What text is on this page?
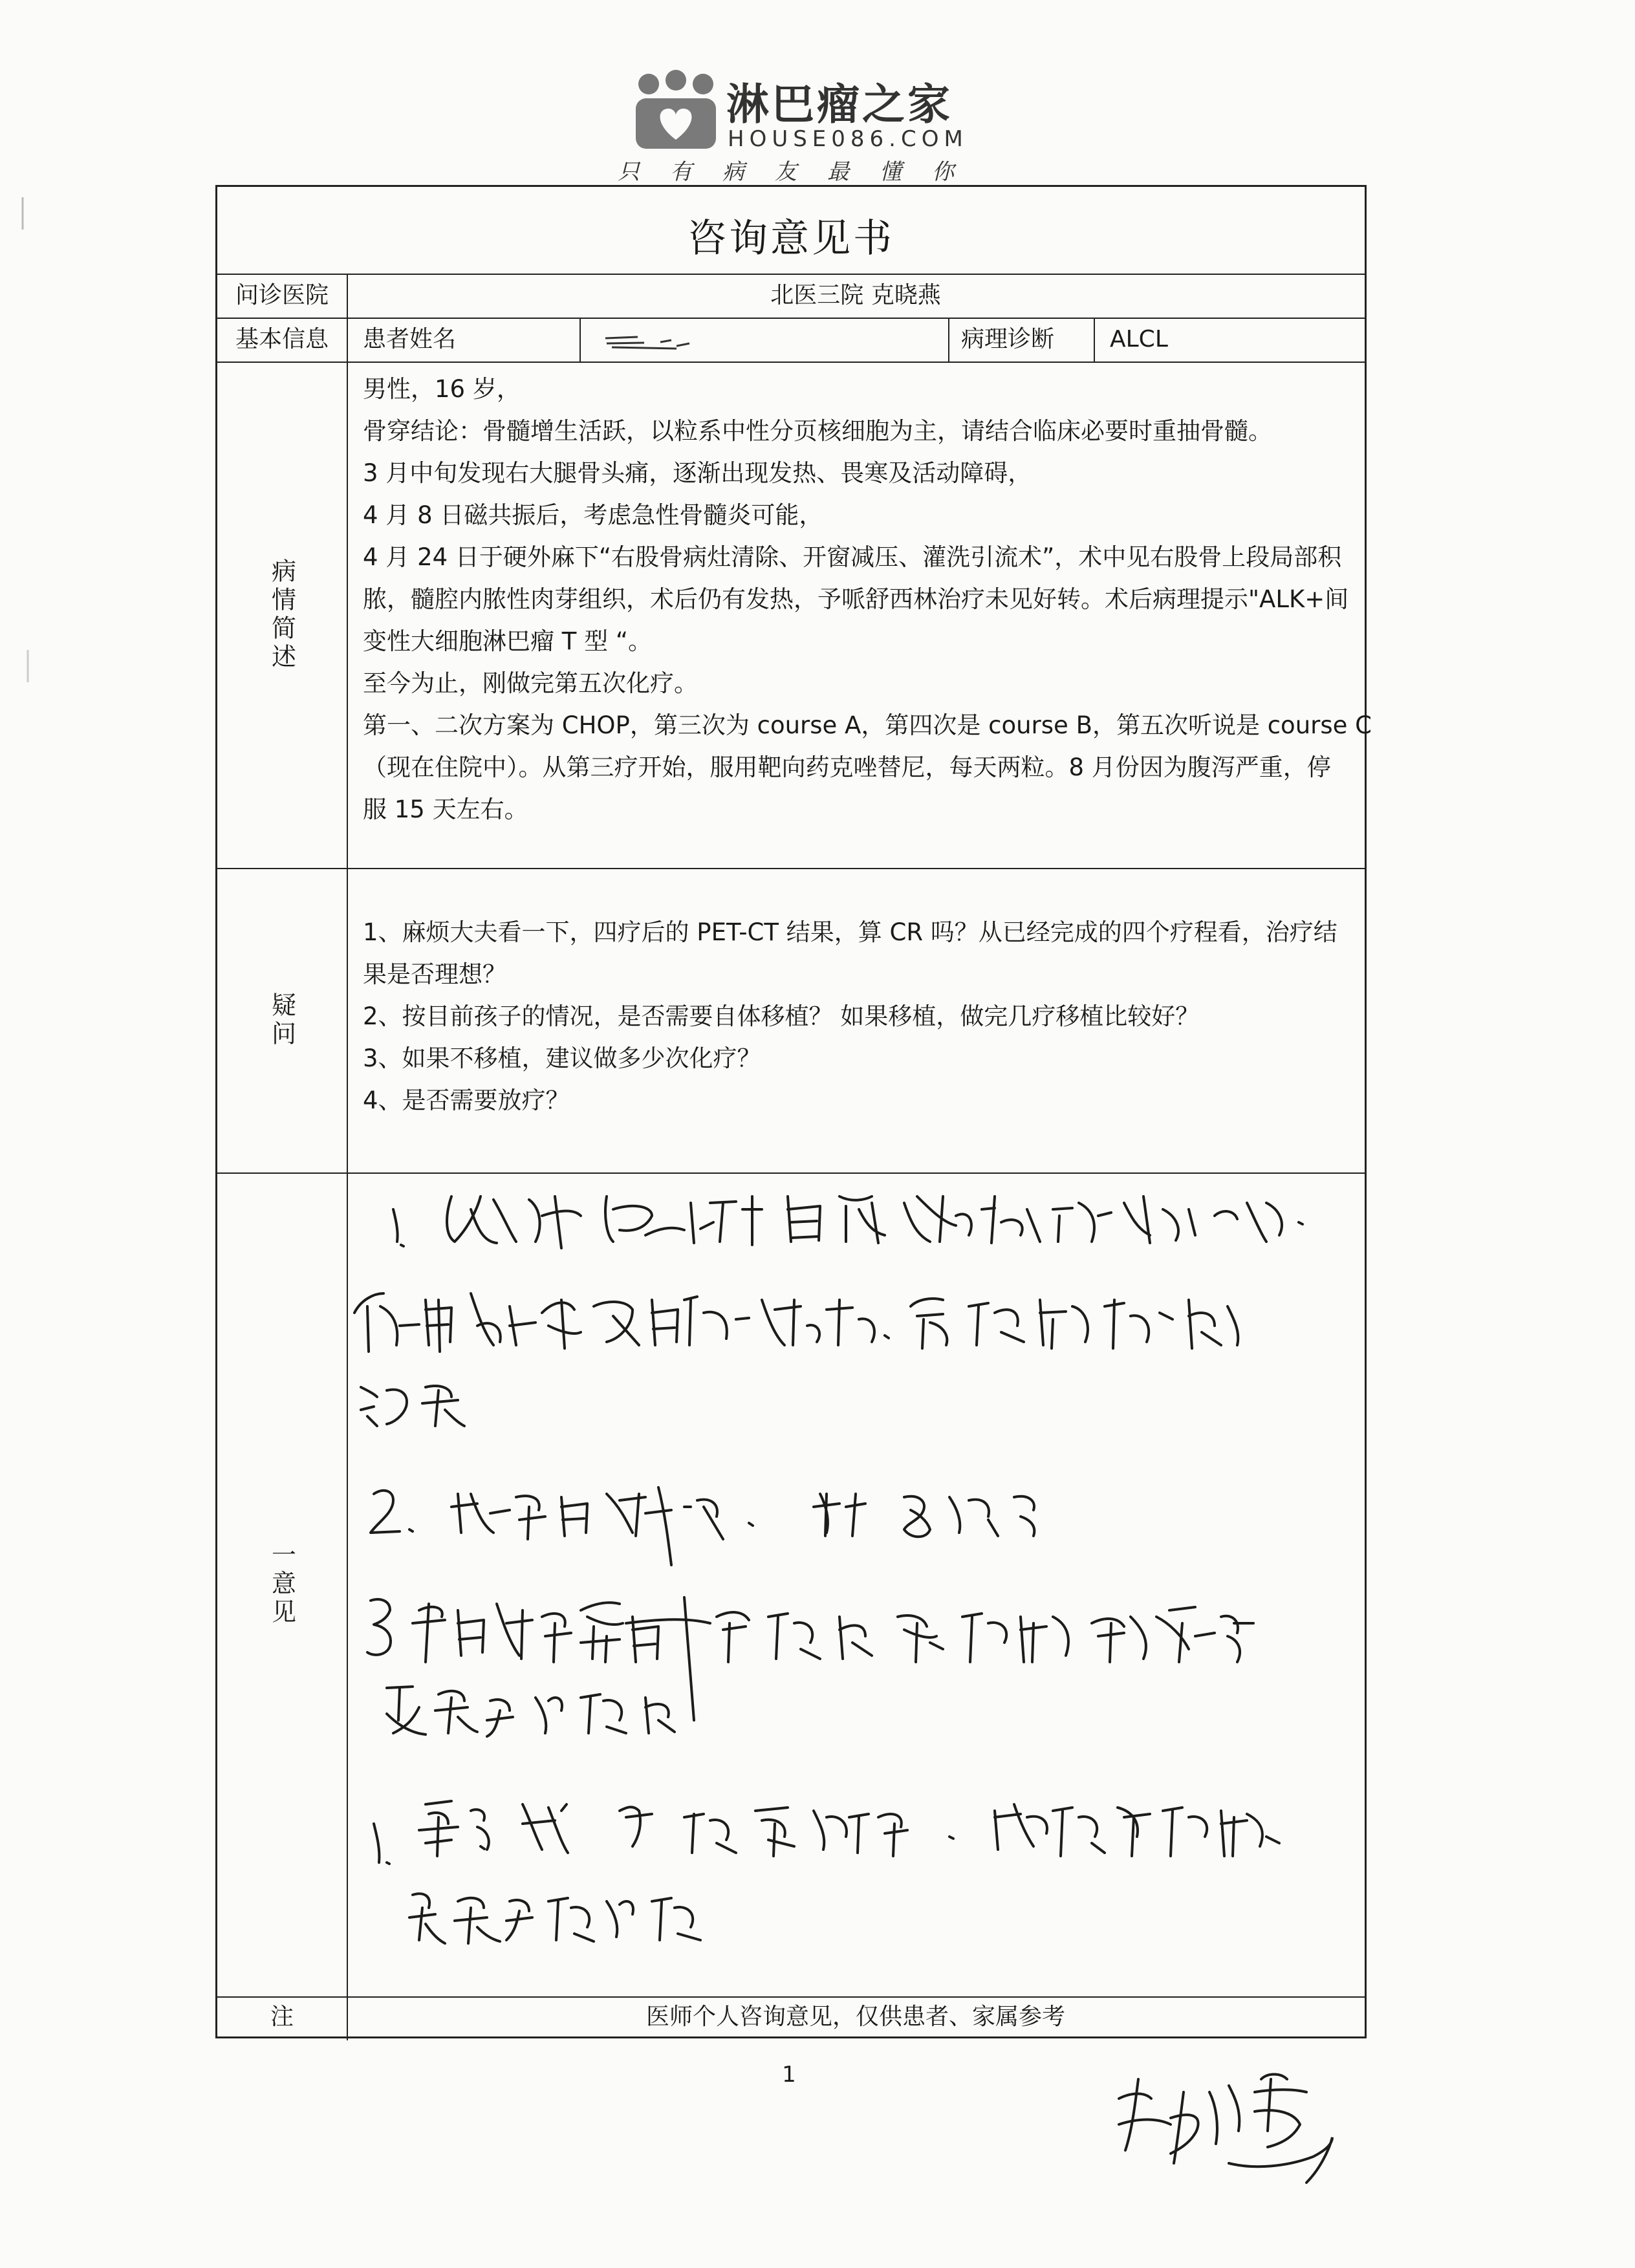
淋巴瘤之家
HOUSE086.COM
只 有 病 友 最 懂 你
咨询意见书
问诊医院	北医三院 克晓燕
基本信息	患者姓名	病理诊断 ALCL
病情简述

男性，16 岁，

骨穿结论：骨髓增生活跃，以粒系中性分页核细胞为主，请结合临床必要时重抽骨髓。

3 月中旬发现右大腿骨头痛，逐渐出现发热、畏寒及活动障碍，

4 月 8 日磁共振后，考虑急性骨髓炎可能，

4 月 24 日于硬外麻下“右股骨病灶清除、开窗减压、灌洗引流术”，术中见右股骨上段局部积

脓，髓腔内脓性肉芽组织，术后仍有发热，予哌舒西林治疗未见好转。术后病理提示"ALK+间

变性大细胞淋巴瘤 T 型 “。

至今为止，刚做完第五次化疗。

第一、二次方案为 CHOP，第三次为 course A，第四次是 course B，第五次听说是 course C

（现在住院中）。从第三疗开始，服用靶向药克唑替尼，每天两粒。8 月份因为腹泻严重，停

服 15 天左右。

疑问

1、麻烦大夫看一下，四疗后的 PET-CT 结果，算 CR 吗？从已经完成的四个疗程看，治疗结

果是否理想？

2、按目前孩子的情况，是否需要自体移植？ 如果移植，做完几疗移植比较好？

3、如果不移植，建议做多少次化疗？

4、是否需要放疗？

一意见
注	医师个人咨询意见，仅供患者、家属参考
1
